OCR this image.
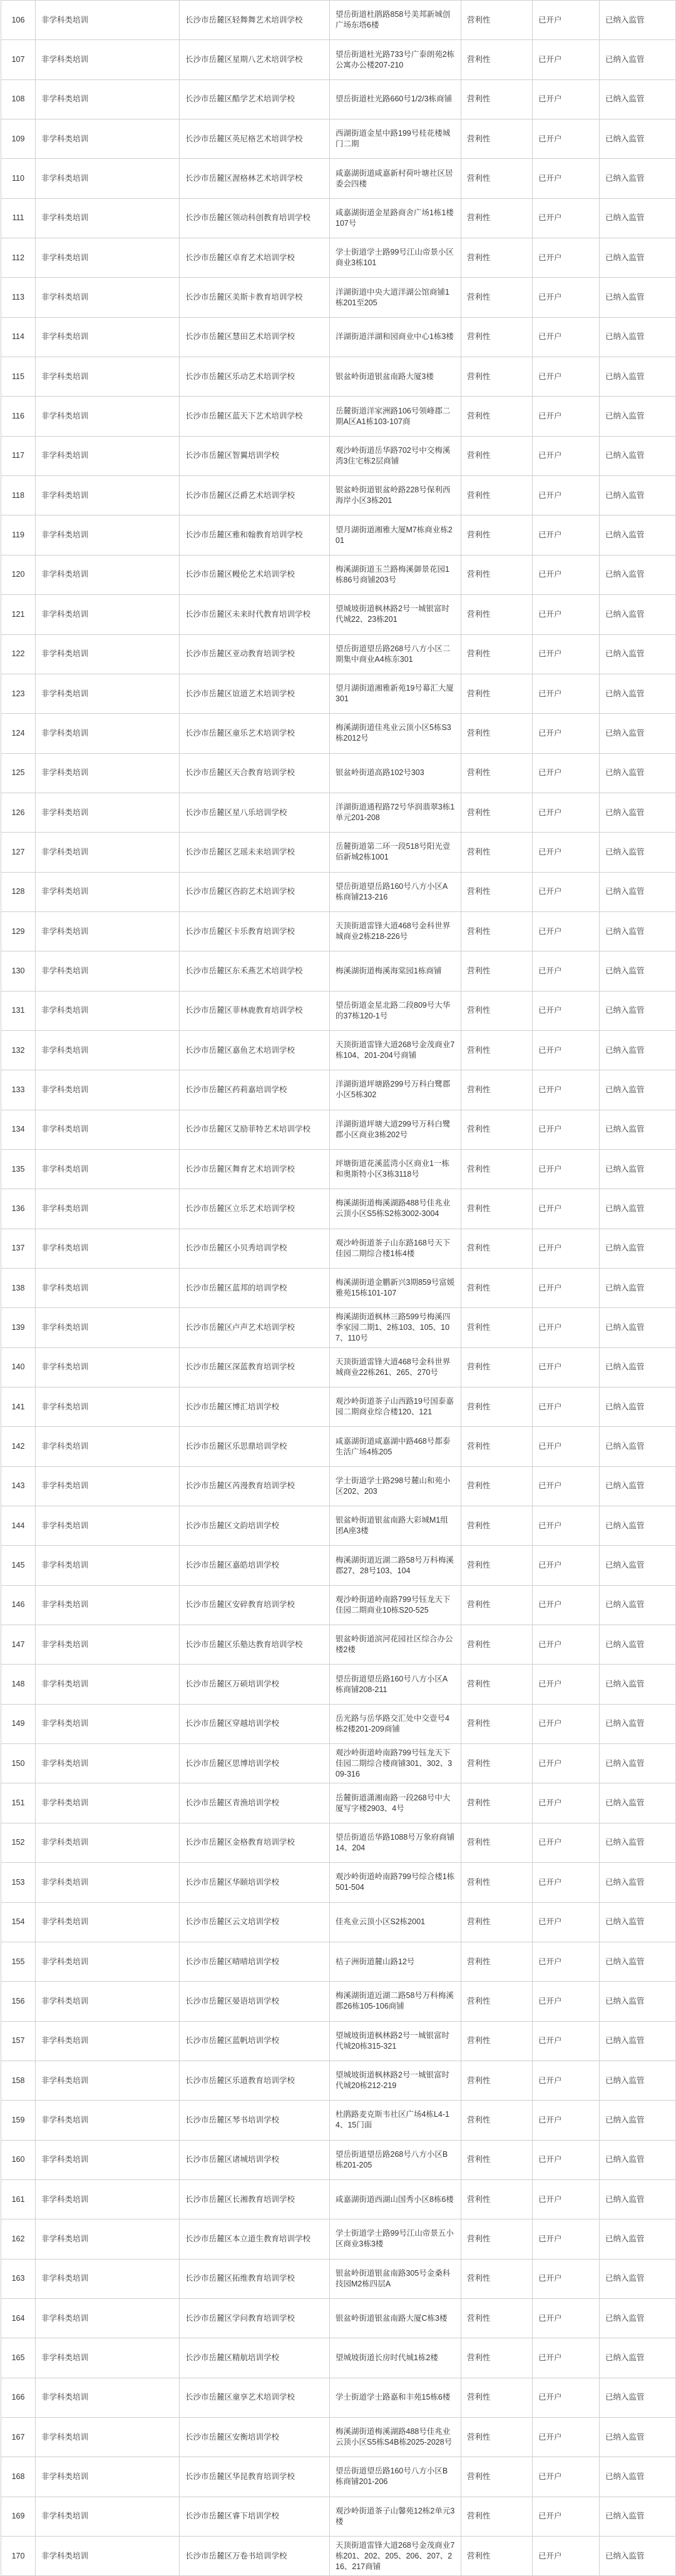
106	非学科类培训	长沙市岳麓区轻舞舞艺术培训学校	望岳街道杜鹃路858号美邦新城创广场东塔6楼	营利性	已开户	已纳入监管
107	非学科类培训	长沙市岳麓区星期八艺术培训学校	望岳街道杜光路733号广泰朗苑2栋公寓办公楼207-210	营利性	已开户	已纳入监管
108	非学科类培训	长沙市岳麓区酷学艺术培训学校	望岳街道杜光路660号1/2/3栋商铺	营利性	已开户	已纳入监管
109	非学科类培训	长沙市岳麓区英尼格艺术培训学校	西湖街道金星中路199号桂花楼城门二期	营利性	已开户	已纳入监管
110	非学科类培训	长沙市岳麓区渥格林艺术培训学校	咸嘉湖街道咸嘉新村荷叶塘社区居委会四楼	营利性	已开户	已纳入监管
111	非学科类培训	长沙市岳麓区领动科创教育培训学校	咸嘉湖街道金星路商舍广场1栋1楼107号	营利性	已开户	已纳入监管
112	非学科类培训	长沙市岳麓区卓育艺术培训学校	学士街道学士路99号江山帝景小区商业3栋101	营利性	已开户	已纳入监管
113	非学科类培训	长沙市岳麓区美斯卡教育培训学校	洋湖街道中央大道洋湖公馆商铺1栋201至205	营利性	已开户	已纳入监管
114	非学科类培训	长沙市岳麓区慧田艺术培训学校	洋湖街道洋湖和园商业中心1栋3楼	营利性	已开户	已纳入监管
115	非学科类培训	长沙市岳麓区乐动艺术培训学校	银盆岭街道银盆南路大厦3楼	营利性	已开户	已纳入监管
116	非学科类培训	长沙市岳麓区蓝天下艺术培训学校	岳麓街道洋家洲路106号领峰郡二期A区A1栋103-107商	营利性	已开户	已纳入监管
117	非学科类培训	长沙市岳麓区智翼培训学校	观沙岭街道岳华路702号中交梅溪湾3住宅栋2层商铺	营利性	已开户	已纳入监管
118	非学科类培训	长沙市岳麓区泛爵艺术培训学校	银盆岭街道银盆岭路228号保利西海岸小区3栋201	营利性	已开户	已纳入监管
119	非学科类培训	长沙市岳麓区雅和翰教育培训学校	望月湖街道湘雅大厦M7栋商业栋201	营利性	已开户	已纳入监管
120	非学科类培训	长沙市岳麓区幔伦艺术培训学校	梅溪湖街道玉兰路梅溪御景花园1栋86号商铺203号	营利性	已开户	已纳入监管
121	非学科类培训	长沙市岳麓区未来时代教育培训学校	望城坡街道枫林路2号一城银富时代城22、23栋201	营利性	已开户	已纳入监管
122	非学科类培训	长沙市岳麓区亚动教育培训学校	望岳街道望岳路268号八方小区二期集中商业A4栋东301	营利性	已开户	已纳入监管
123	非学科类培训	长沙市岳麓区谊道艺术培训学校	望月湖街道湘雅新苑19号幕汇大厦301	营利性	已开户	已纳入监管
124	非学科类培训	长沙市岳麓区童乐艺术培训学校	梅溪湖街道佳兆业云顶小区5栋S3栋2012号	营利性	已开户	已纳入监管
125	非学科类培训	长沙市岳麓区天合教育培训学校	银盆岭街道高路102号303	营利性	已开户	已纳入监管
126	非学科类培训	长沙市岳麓区星八乐培训学校	洋湖街道通程路72号华润翡翠3栋1单元201-208	营利性	已开户	已纳入监管
127	非学科类培训	长沙市岳麓区艺瑶未来培训学校	岳麓街道第二环一段518号阳光壹佰新城2栋1001	营利性	已开户	已纳入监管
128	非学科类培训	长沙市岳麓区咨韵艺术培训学校	望岳街道望岳路160号八方小区A栋商铺213-216	营利性	已开户	已纳入监管
129	非学科类培训	长沙市岳麓区卡乐教育培训学校	天顶街道雷锋大道468号金科世界城商业2栋218-226号	营利性	已开户	已纳入监管
130	非学科类培训	长沙市岳麓区东禾燕艺术培训学校	梅溪湖街道梅溪海棠园1栋商铺	营利性	已开户	已纳入监管
131	非学科类培训	长沙市岳麓区菲林鹿教育培训学校	望岳街道金星北路二段809号大华的37栋120-1号	营利性	已开户	已纳入监管
132	非学科类培训	长沙市岳麓区嘉鱼艺术培训学校	天顶街道雷锋大道268号金茂商业7栋104、201-204号商铺	营利性	已开户	已纳入监管
133	非学科类培训	长沙市岳麓区药莉嘉培训学校	洋湖街道坪塘路299号万科白鹭郡小区5栋302	营利性	已开户	已纳入监管
134	非学科类培训	长沙市岳麓区艾励菲特艺术培训学校	洋湖街道坪塘大道299号万科白鹭郡小区商业3栋202号	营利性	已开户	已纳入监管
135	非学科类培训	长沙市岳麓区舞育艺术培训学校	坪塘街道花溪蓝湾小区商业1一栋和奥斯特小区3栋3118号	营利性	已开户	已纳入监管
136	非学科类培训	长沙市岳麓区立乐艺术培训学校	梅溪湖街道梅溪湖路488号佳兆业云顶小区S5栋S2栋3002-3004	营利性	已开户	已纳入监管
137	非学科类培训	长沙市岳麓区小贝秀培训学校	观沙岭街道茶子山东路168号天下佳园二期综合楼1栋4楼	营利性	已开户	已纳入监管
138	非学科类培训	长沙市岳麓区蓝邦的培训学校	梅溪湖街道金鹏新兴3期859号富媛雅苑15栋101-107	营利性	已开户	已纳入监管
139	非学科类培训	长沙市岳麓区卢声艺术培训学校	梅溪湖街道枫林三路599号梅溪四季家园二期1、2栋103、105、107、110号	营利性	已开户	已纳入监管
140	非学科类培训	长沙市岳麓区深蓝教育培训学校	天顶街道雷锋大道468号金科世界城商业22栋261、265、270号	营利性	已开户	已纳入监管
141	非学科类培训	长沙市岳麓区博汇培训学校	观沙岭街道茶子山西路19号国泰嘉园二期商业综合楼120、121	营利性	已开户	已纳入监管
142	非学科类培训	长沙市岳麓区乐思鼎培训学校	咸嘉湖街道咸嘉湖中路468号都泰生活广场4栋205	营利性	已开户	已纳入监管
143	非学科类培训	长沙市岳麓区芮漫教育培训学校	学士街道学士路298号麓山和苑小区202、203	营利性	已开户	已纳入监管
144	非学科类培训	长沙市岳麓区文韵培训学校	银盆岭街道银盆南路大彩城M1组团A座3楼	营利性	已开户	已纳入监管
145	非学科类培训	长沙市岳麓区嘉皓培训学校	梅溪湖街道近湖二路58号万科梅溪郡27、28号103、104	营利性	已开户	已纳入监管
146	非学科类培训	长沙市岳麓区安碎教育培训学校	观沙岭街道岭南路799号钰龙天下佳园二期商业10栋S20-525	营利性	已开户	已纳入监管
147	非学科类培训	长沙市岳麓区乐塾达教育培训学校	银盆岭街道滨河花园社区综合办公楼2楼	营利性	已开户	已纳入监管
148	非学科类培训	长沙市岳麓区万硕培训学校	望岳街道望岳路160号八方小区A栋商铺208-211	营利性	已开户	已纳入监管
149	非学科类培训	长沙市岳麓区穿越培训学校	岳光路与岳华路交汇处中交壹号4栋2楼201-209商铺	营利性	已开户	已纳入监管
150	非学科类培训	长沙市岳麓区思博培训学校	观沙岭街道岭南路799号钰龙天下佳园二期综合楼商铺301、302、309-316	营利性	已开户	已纳入监管
151	非学科类培训	长沙市岳麓区青渔培训学校	岳麓街道潇湘南路一段268号中大厦写字楼2903、4号	营利性	已开户	已纳入监管
152	非学科类培训	长沙市岳麓区金格教育培训学校	望岳街道岳华路1088号万象府商铺14、204	营利性	已开户	已纳入监管
153	非学科类培训	长沙市岳麓区华颐培训学校	观沙岭街道岭南路799号综合楼1栋501-504	营利性	已开户	已纳入监管
154	非学科类培训	长沙市岳麓区云文培训学校	佳兆业云顶小区S2栋2001	营利性	已开户	已纳入监管
155	非学科类培训	长沙市岳麓区晴晴培训学校	桔子洲街道麓山路12号	营利性	已开户	已纳入监管
156	非学科类培训	长沙市岳麓区晏语培训学校	梅溪湖街道近湖二路58号万科梅溪郡26栋105-106商铺	营利性	已开户	已纳入监管
157	非学科类培训	长沙市岳麓区蓝帆培训学校	望城坡街道枫林路2号一城银富时代城20栋315-321	营利性	已开户	已纳入监管
158	非学科类培训	长沙市岳麓区乐道教育培训学校	望城坡街道枫林路2号一城银富时代城20栋212-219	营利性	已开户	已纳入监管
159	非学科类培训	长沙市岳麓区琴书培训学校	杜鹃路麦克斯韦社区广场4栋L4-14、15门面	营利性	已开户	已纳入监管
160	非学科类培训	长沙市岳麓区诸城培训学校	望岳街道望岳路268号八方小区B栋201-205	营利性	已开户	已纳入监管
161	非学科类培训	长沙市岳麓区长湘教育培训学校	咸嘉湖街道西湖山国秀小区8栋6楼	营利性	已开户	已纳入监管
162	非学科类培训	长沙市岳麓区本立道生教育培训学校	学士街道学士路99号江山帝景五小区商业3栋3楼	营利性	已开户	已纳入监管
163	非学科类培训	长沙市岳麓区拓维教育培训学校	银盆岭街道银盆南路305号金桑科技园M2栋四层A	营利性	已开户	已纳入监管
164	非学科类培训	长沙市岳麓区学问教育培训学校	银盆岭街道银盆南路大厦C栋3楼	营利性	已开户	已纳入监管
165	非学科类培训	长沙市岳麓区精航培训学校	望城坡街道长房时代城1栋2楼	营利性	已开户	已纳入监管
166	非学科类培训	长沙市岳麓区童享艺术培训学校	学士街道学士路嘉和丰苑15栋6楼	营利性	已开户	已纳入监管
167	非学科类培训	长沙市岳麓区安衡培训学校	梅溪湖街道梅溪湖路488号佳兆业云顶小区S5栋S4B栋2025-2028号	营利性	已开户	已纳入监管
168	非学科类培训	长沙市岳麓区华昆教育培训学校	望岳街道望岳路160号八方小区B栋商铺201-206	营利性	已开户	已纳入监管
169	非学科类培训	长沙市岳麓区睿下培训学校	观沙岭街道茶子山馨苑12栋2单元3楼	营利性	已开户	已纳入监管
170	非学科类培训	长沙市岳麓区万卷书培训学校	天顶街道雷锋大道268号金茂商业7栋201、202、205、206、207、216、217商铺	营利性	已开户	已纳入监管
